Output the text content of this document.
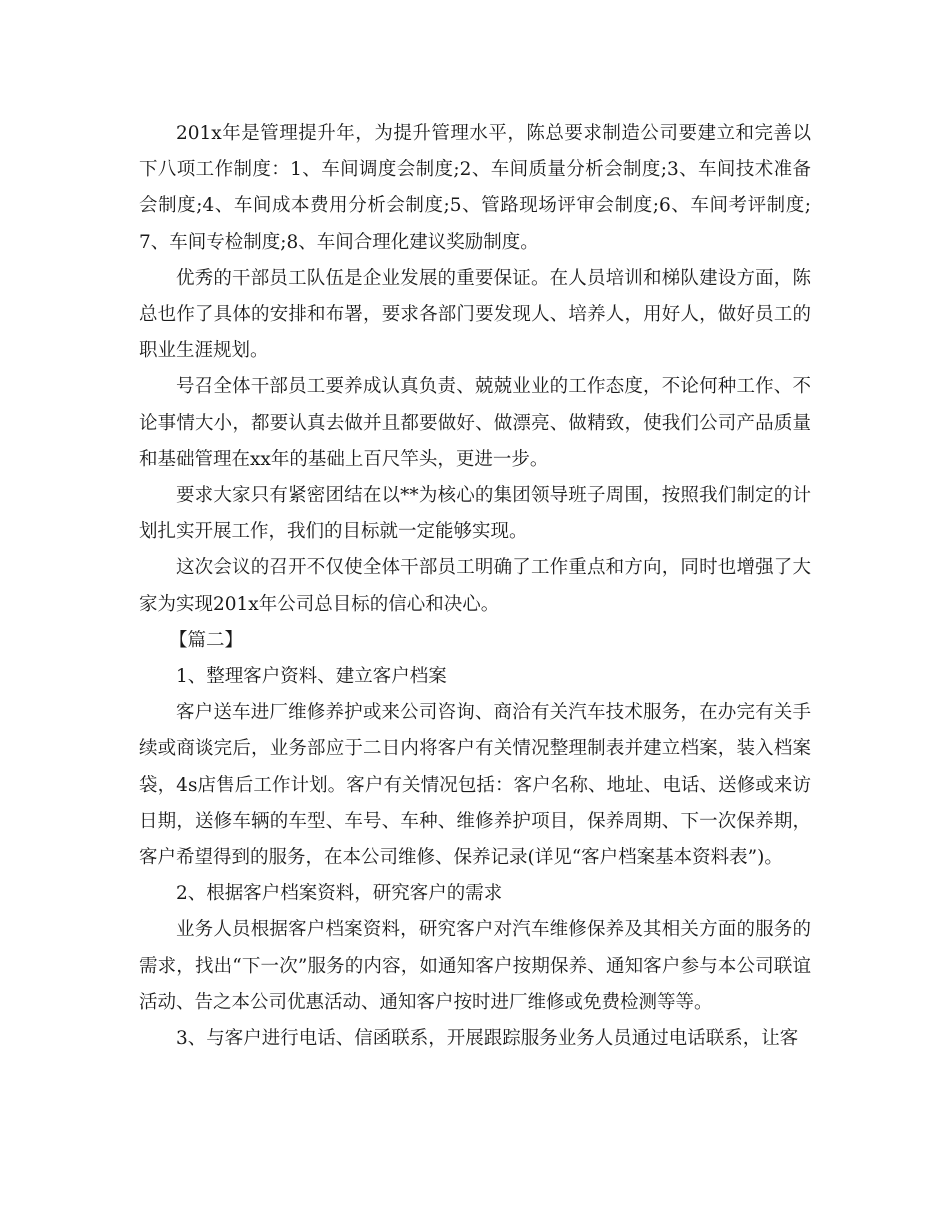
201x年是管理提升年，为提升管理水平，陈总要求制造公司要建立和完善以下八项工作制度：1、车间调度会制度;2、车间质量分析会制度;3、车间技术准备会制度;4、车间成本费用分析会制度;5、管路现场评审会制度;6、车间考评制度;7、车间专检制度;8、车间合理化建议奖励制度。

优秀的干部员工队伍是企业发展的重要保证。在人员培训和梯队建设方面，陈总也作了具体的安排和布署，要求各部门要发现人、培养人，用好人，做好员工的职业生涯规划。

号召全体干部员工要养成认真负责、兢兢业业的工作态度，不论何种工作、不论事情大小，都要认真去做并且都要做好、做漂亮、做精致，使我们公司产品质量和基础管理在xx年的基础上百尺竿头，更进一步。

要求大家只有紧密团结在以**为核心的集团领导班子周围，按照我们制定的计划扎实开展工作，我们的目标就一定能够实现。

这次会议的召开不仅使全体干部员工明确了工作重点和方向，同时也增强了大家为实现201x年公司总目标的信心和决心。

【篇二】

1、整理客户资料、建立客户档案

客户送车进厂维修养护或来公司咨询、商洽有关汽车技术服务，在办完有关手续或商谈完后，业务部应于二日内将客户有关情况整理制表并建立档案，装入档案袋，4s店售后工作计划。客户有关情况包括：客户名称、地址、电话、送修或来访日期，送修车辆的车型、车号、车种、维修养护项目，保养周期、下一次保养期，客户希望得到的服务，在本公司维修、保养记录(详见“客户档案基本资料表”)。

2、根据客户档案资料，研究客户的需求

业务人员根据客户档案资料，研究客户对汽车维修保养及其相关方面的服务的需求，找出“下一次”服务的内容，如通知客户按期保养、通知客户参与本公司联谊活动、告之本公司优惠活动、通知客户按时进厂维修或免费检测等等。

3、与客户进行电话、信函联系，开展跟踪服务业务人员通过电话联系，让客
